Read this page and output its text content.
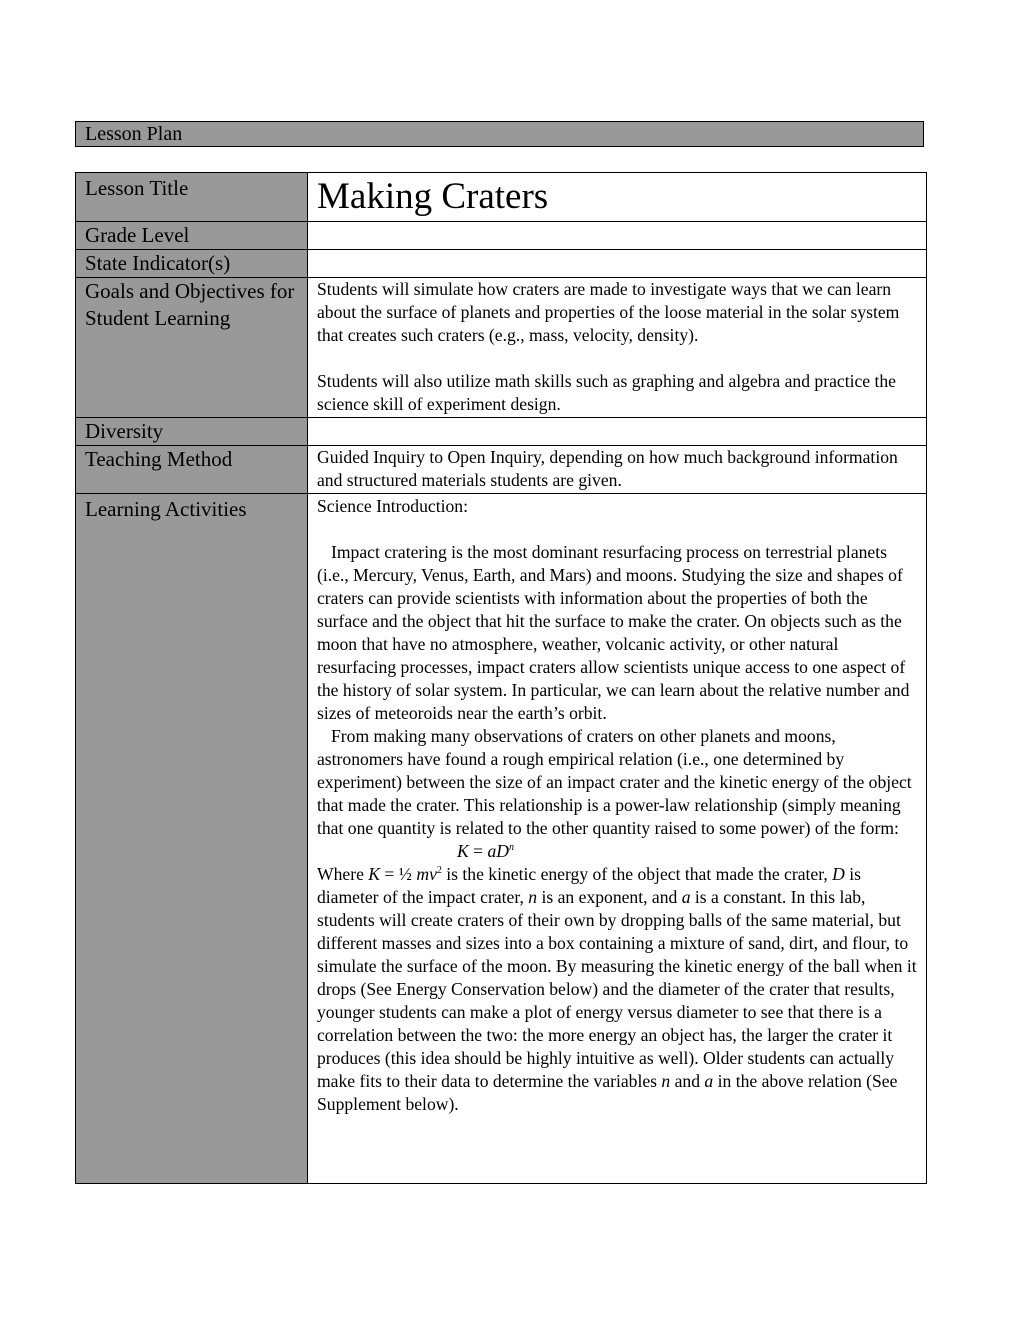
Lesson Plan
Lesson Title	Making Craters

Grade Level	
State Indicator(s)	
Goals and Objectives for Student Learning	Students will simulate how craters are made to investigate ways that we can learn about the surface of planets and properties of the loose material in the solar system that creates such craters (e.g., mass, velocity, density).

Students will also utilize math skills such as graphing and algebra and practice the science skill of experiment design.

Diversity	
Teaching Method	Guided Inquiry to Open Inquiry, depending on how much background information and structured materials students are given.

Learning Activities	Science Introduction:

Impact cratering is the most dominant resurfacing process on terrestrial planets (i.e., Mercury, Venus, Earth, and Mars) and moons. Studying the size and shapes of craters can provide scientists with information about the properties of both the surface and the object that hit the surface to make the crater. On objects such as the moon that have no atmosphere, weather, volcanic activity, or other natural resurfacing processes, impact craters allow scientists unique access to one aspect of the history of solar system. In particular, we can learn about the relative number and sizes of meteoroids near the earth’s orbit.

From making many observations of craters on other planets and moons, astronomers have found a rough empirical relation (i.e., one determined by experiment) between the size of an impact crater and the kinetic energy of the object that made the crater. This relationship is a power-law relationship (simply meaning that one quantity is related to the other quantity raised to some power) of the form:

$K = aD^n$

Where K = ½ $mv^2$ is the kinetic energy of the object that made the crater, D is diameter of the impact crater, n is an exponent, and a is a constant. In this lab, students will create craters of their own by dropping balls of the same material, but different masses and sizes into a box containing a mixture of sand, dirt, and flour, to simulate the surface of the moon. By measuring the kinetic energy of the ball when it drops (See Energy Conservation below) and the diameter of the crater that results, younger students can make a plot of energy versus diameter to see that there is a correlation between the two: the more energy an object has, the larger the crater it produces (this idea should be highly intuitive as well). Older students can actually make fits to their data to determine the variables n and a in the above relation (See Supplement below).
